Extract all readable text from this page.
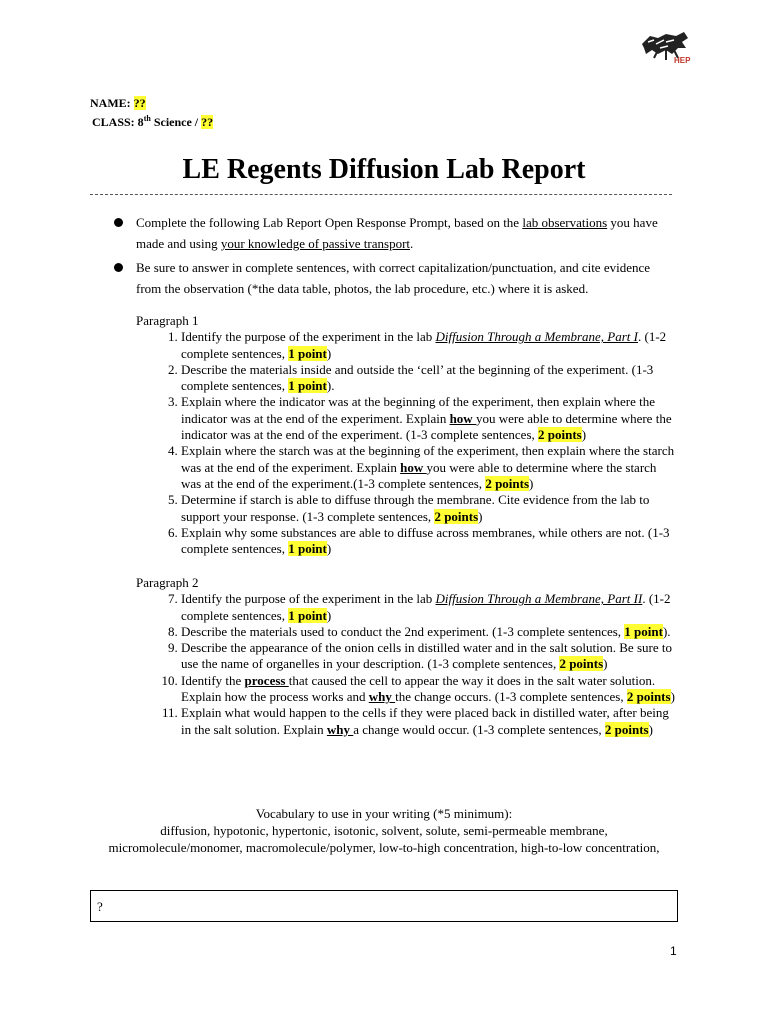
HEP
NAME: ??
CLASS: 8th Science / ??
LE Regents Diffusion Lab Report
Complete the following Lab Report Open Response Prompt, based on the lab observations you have made and using your knowledge of passive transport.
Be sure to answer in complete sentences, with correct capitalization/punctuation, and cite evidence from the observation (*the data table, photos, the lab procedure, etc.) where it is asked.
Paragraph 1
1. Identify the purpose of the experiment in the lab Diffusion Through a Membrane, Part I. (1-2 complete sentences, 1 point)
2. Describe the materials inside and outside the ‘cell’ at the beginning of the experiment. (1-3 complete sentences, 1 point).
3. Explain where the indicator was at the beginning of the experiment, then explain where the indicator was at the end of the experiment. Explain how you were able to determine where the indicator was at the end of the experiment. (1-3 complete sentences, 2 points)
4. Explain where the starch was at the beginning of the experiment, then explain where the starch was at the end of the experiment. Explain how you were able to determine where the starch was at the end of the experiment.(1-3 complete sentences, 2 points)
5. Determine if starch is able to diffuse through the membrane. Cite evidence from the lab to support your response. (1-3 complete sentences, 2 points)
6. Explain why some substances are able to diffuse across membranes, while others are not. (1-3 complete sentences, 1 point)
Paragraph 2
7. Identify the purpose of the experiment in the lab Diffusion Through a Membrane, Part II. (1-2 complete sentences, 1 point)
8. Describe the materials used to conduct the 2nd experiment. (1-3 complete sentences, 1 point).
9. Describe the appearance of the onion cells in distilled water and in the salt solution. Be sure to use the name of organelles in your description. (1-3 complete sentences, 2 points)
10. Identify the process that caused the cell to appear the way it does in the salt water solution. Explain how the process works and why the change occurs. (1-3 complete sentences, 2 points)
11. Explain what would happen to the cells if they were placed back in distilled water, after being in the salt solution. Explain why a change would occur. (1-3 complete sentences, 2 points)
Vocabulary to use in your writing (*5 minimum):
diffusion, hypotonic, hypertonic, isotonic, solvent, solute, semi-permeable membrane,
micromolecule/monomer, macromolecule/polymer, low-to-high concentration, high-to-low concentration,
?
1
